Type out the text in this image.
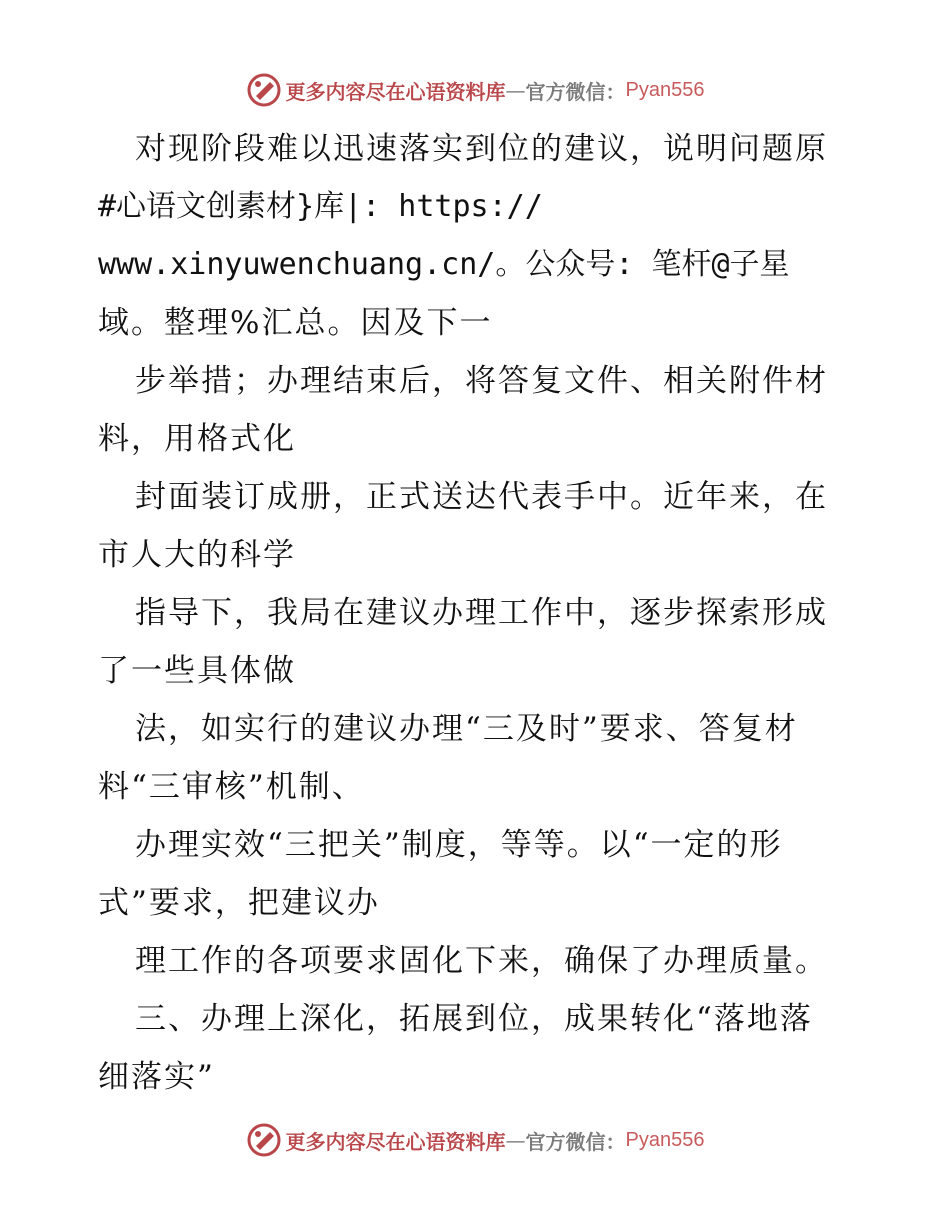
更多内容尽在心语资料库 — 官方微信： Pyan556
对现阶段难以迅速落实到位的建议，说明问题原
#心语文创素材}库|: https://
www.xinyuwenchuang.cn/。公众号: 笔杆@子星
域。整理%汇总。因及下一
步举措；办理结束后，将答复文件、相关附件材
料，用格式化
封面装订成册，正式送达代表手中。近年来，在
市人大的科学
指导下，我局在建议办理工作中，逐步探索形成
了一些具体做
法，如实行的建议办理“三及时”要求、答复材
料“三审核”机制、
办理实效“三把关”制度，等等。以“一定的形
式”要求，把建议办
理工作的各项要求固化下来，确保了办理质量。
三、办理上深化，拓展到位，成果转化“落地落
细落实”
更多内容尽在心语资料库 — 官方微信： Pyan556
